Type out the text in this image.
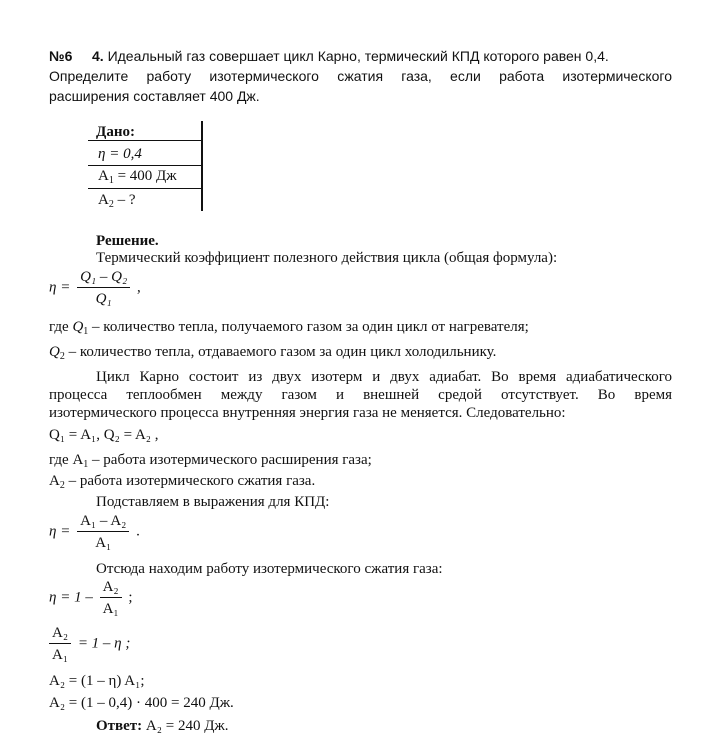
№6 4. Идеальный газ совершает цикл Карно, термический КПД которого равен 0,4.
Определите работу изотермического сжатия газа, если работа изотермического
расширения составляет 400 Дж.
Дано:
η = 0,4
$A_1 = 400$ Дж
$A_2$ – ?
Решение.
Термический коэффициент полезного действия цикла (общая формула):
$\eta = \frac{\text{Q₁ – Q₂}}{\text{Q₁}}$ ,
где $Q_1$ – количество тепла, получаемого газом за один цикл от нагревателя;
$Q_2$ – количество тепла, отдаваемого газом за один цикл холодильнику.
Цикл Карно состоит из двух изотерм и двух адиабат. Во время адиабатического
процесса теплообмен между газом и внешней средой отсутствует. Во время
изотермического процесса внутренняя энергия газа не меняется. Следовательно:
Q₁ = A₁, Q₂ = A₂ ,
где $A_1$ – работа изотермического расширения газа;
$A_2$ – работа изотермического сжатия газа.
Подставляем в выражения для КПД:
$\eta = \frac{\text{A₁ – A₂}}{\text{A₁}}$ .
Отсюда находим работу изотермического сжатия газа:
$\eta = 1 - \frac{\text{A₂}}{\text{A₁}}$ ;
$\frac{\text{A₂}}{\text{A₁}} = 1 - \eta$ ;
A₂ = (1 – η) A₁;
A₂ = (1 – 0,4) · 400 = 240 Дж.
Ответ: A₂ = 240 Дж.
